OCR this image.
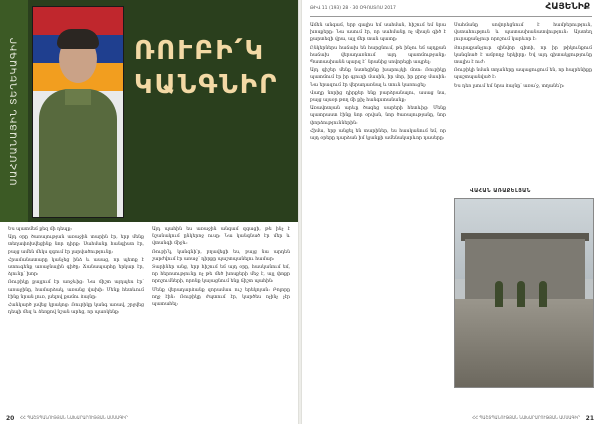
ՍԱՀՄԱՆԱՅԻՆ ՏԵՂԵԿԱԳԻՐ	ՌՈՒԲԻ՛Կ
ԿԱՆԳՆԻՐ

Ես պատմեմ քեզ մի դեպք։

Այդ օրը ծառայության առաջին տարին էր, երբ մենք տեղափոխվեցինք նոր դիրք։ Սահմանը հանգիստ էր, բայց ամեն մեկս զգում էր լարվածությունը։

Հրամանատարը կանչեց ինձ և ասաց, որ պետք է ստուգենք առաջնային գիծը։ Ճանապարհը երկար էր, ձյունը՝ խոր։

Ռուբիկը քայլում էր առջևից։ Նա միշտ այդպես էր՝ առաջինը, համարձակ, առանց վախի։ Մենք հետևում էինք նրան լուռ, լսելով քամու ձայնը։

Հանկարծ լսվեց կրակոց։ Ռուբիկը կանգ առավ, շրջվեց դեպի մեզ և ձեռքով նշան արեց, որ պառկենք։

Այդ պահին ես առաջին անգամ զգացի, թե ինչ է նշանակում ընկերոջ ուսը։ Նա կանգնած էր մեր և վտանգի միջև։

Ռուբի՛կ, կանգնի՛ր, բղավեցի ես, բայց նա արդեն շարժվում էր առաջ՝ դիրքը պաշտպանելու համար։

Տարիներ անց, երբ հիշում եմ այդ օրը, հասկանում եմ, որ հերոսությունը ոչ թե մեծ խոսքերի մեջ է, այլ փոքր որոշումների, որոնք կայացնում ենք ճիշտ պահին։

Մենք վերադարձանք զորամաս ուշ երեկոյան։ Բոլորը ողջ էին։ Ռուբիկը ժպտում էր, կարծես ոչինչ չէր պատահել։

20 ՀՀ ՊԱՇՏՊԱՆՈՒԹՅԱՆ ՆԱԽԱՐԱՐՈՒԹՅԱՆ ԱՄՍԱԳԻՐ
ԹԻՎ 11 (193) 28 · 30 ՕԳՈՍՏՈՍ 2017	ՀԱՅԵՆԻՔ

Ամեն անգամ, երբ գալիս եմ սահման, հիշում եմ նրա խոսքերը։ Նա ասում էր, որ սահմանը ոչ միայն գիծ է քարտեզի վրա, այլ մեր տան պատը։

Ընկերներս հաճախ են հարցնում, թե ինչու եմ այդքան հաճախ վերադառնում այդ պատմությանը։ Պատասխանն պարզ է՝ նրանից սովորեցի ապրել։

Այդ գիշեր մենք նստեցինք խարույկի մոտ։ Ռուբիկը պատմում էր իր գյուղի մասին, իր մոր, իր քրոջ մասին։ Նա երազում էր վերադառնալ և տուն կառուցել։

Վաղը նորից դիրքեր ենք բարձրանալու, ասաց նա, բայց այսօր թող մի քիչ հանգստանանք։

Առավոտյան արևը ծագեց սարերի հետևից։ Մենք պատրաստ էինք նոր օրվան, նոր ծառայությանը, նոր փորձություններին։

Հիմա, երբ անցել են տարիներ, ես հասկանում եմ, որ այդ օրերը դարձան իմ կյանքի ամենակարևոր դասերը։

Սահմանը սովորեցնում է համբերություն, վստահություն և պատասխանատվություն։ Այստեղ յուրաքանչյուր որոշում կարևոր է։

Յուրաքանչյուր զինվոր գիտի, որ իր թիկունքում կանգնած է ամբողջ երկիրը։ Եվ այդ գիտակցությունը տալիս է ուժ։

Ռուբիկի նման տղաները ապացուցում են, որ հայրենիքը պաշտպանված է։

Ես դեռ լսում եմ նրա ձայնը՝ առա՛ջ, տղանե՛ր։

ՎԱՀԱՆ ԱՌԱՔԵԼՅԱՆ
ՀՀ ՊԱՇՏՊԱՆՈՒԹՅԱՆ ՆԱԽԱՐԱՐՈՒԹՅԱՆ ԱՄՍԱԳԻՐ 21
